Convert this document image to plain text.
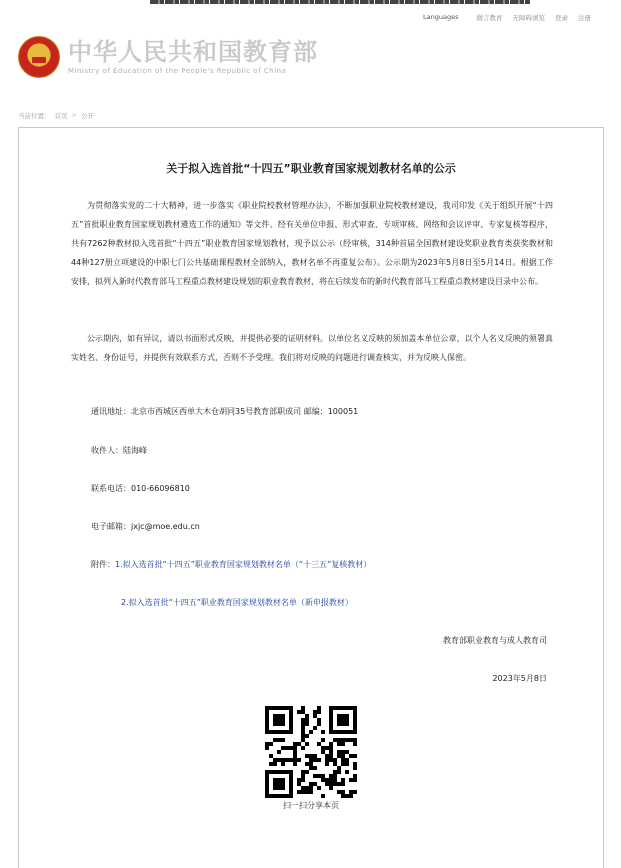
Languages	微言教育 无障碍浏览 登录 注册
中华人民共和国教育部
Ministry of Education of the People's Republic of China
当前位置： 首页 > 公开
关于拟入选首批“十四五”职业教育国家规划教材名单的公示
为贯彻落实党的二十大精神，进一步落实《职业院校教材管理办法》，不断加强职业院校教材建设，我司印发《关于组织开展“十四五”首批职业教育国家规划教材遴选工作的通知》等文件。经有关单位申报、形式审查、专项审核、网络和会议评审、专家复核等程序，共有7262种教材拟入选首批“十四五”职业教育国家规划教材，现予以公示（经审核，314种首届全国教材建设奖职业教育类获奖教材和44种127册立项建设的中职七门公共基础课程教材全部纳入，教材名单不再重复公布）。公示期为2023年5月8日至5月14日。根据工作安排，拟列入新时代教育部马工程重点教材建设规划的职业教育教材，将在后续发布的新时代教育部马工程重点教材建设目录中公布。
公示期内，如有异议，请以书面形式反映，并提供必要的证明材料。以单位名义反映的须加盖本单位公章，以个人名义反映的须署真实姓名、身份证号，并提供有效联系方式，否则不予受理。我们将对反映的问题进行调查核实，并为反映人保密。
通讯地址：北京市西城区西单大木仓胡同35号教育部职成司 邮编：100051
收件人：陆海峰
联系电话：010-66096810
电子邮箱：jxjc@moe.edu.cn
附件：1.拟入选首批“十四五”职业教育国家规划教材名单（“十三五”复核教材）
2.拟入选首批“十四五”职业教育国家规划教材名单（新申报教材）
教育部职业教育与成人教育司
2023年5月8日
扫一扫分享本页
